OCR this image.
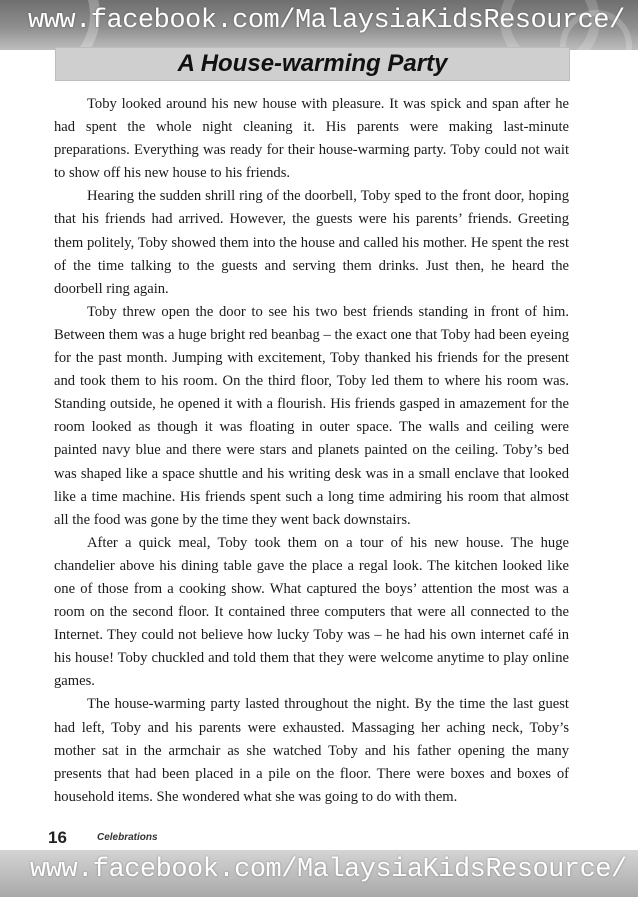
www.facebook.com/MalaysiaKidsResource/
A House-warming Party

Toby looked around his new house with pleasure. It was spick and span after he had spent the whole night cleaning it. His parents were making last-minute preparations. Everything was ready for their house-warming party. Toby could not wait to show off his new house to his friends.

Hearing the sudden shrill ring of the doorbell, Toby sped to the front door, hoping that his friends had arrived. However, the guests were his parents’ friends. Greeting them politely, Toby showed them into the house and called his mother. He spent the rest of the time talking to the guests and serving them drinks. Just then, he heard the doorbell ring again.

Toby threw open the door to see his two best friends standing in front of him. Between them was a huge bright red beanbag – the exact one that Toby had been eyeing for the past month. Jumping with excitement, Toby thanked his friends for the present and took them to his room. On the third floor, Toby led them to where his room was. Standing outside, he opened it with a flourish. His friends gasped in amazement for the room looked as though it was floating in outer space. The walls and ceiling were painted navy blue and there were stars and planets painted on the ceiling. Toby’s bed was shaped like a space shuttle and his writing desk was in a small enclave that looked like a time machine. His friends spent such a long time admiring his room that almost all the food was gone by the time they went back downstairs.

After a quick meal, Toby took them on a tour of his new house. The huge chandelier above his dining table gave the place a regal look. The kitchen looked like one of those from a cooking show. What captured the boys’ attention the most was a room on the second floor. It contained three computers that were all connected to the Internet. They could not believe how lucky Toby was – he had his own internet café in his house! Toby chuckled and told them that they were welcome anytime to play online games.

The house-warming party lasted throughout the night. By the time the last guest had left, Toby and his parents were exhausted. Massaging her aching neck, Toby’s mother sat in the armchair as she watched Toby and his father opening the many presents that had been placed in a pile on the floor. There were boxes and boxes of household items. She wondered what she was going to do with them.

16	Celebrations
www.facebook.com/MalaysiaKidsResource/
